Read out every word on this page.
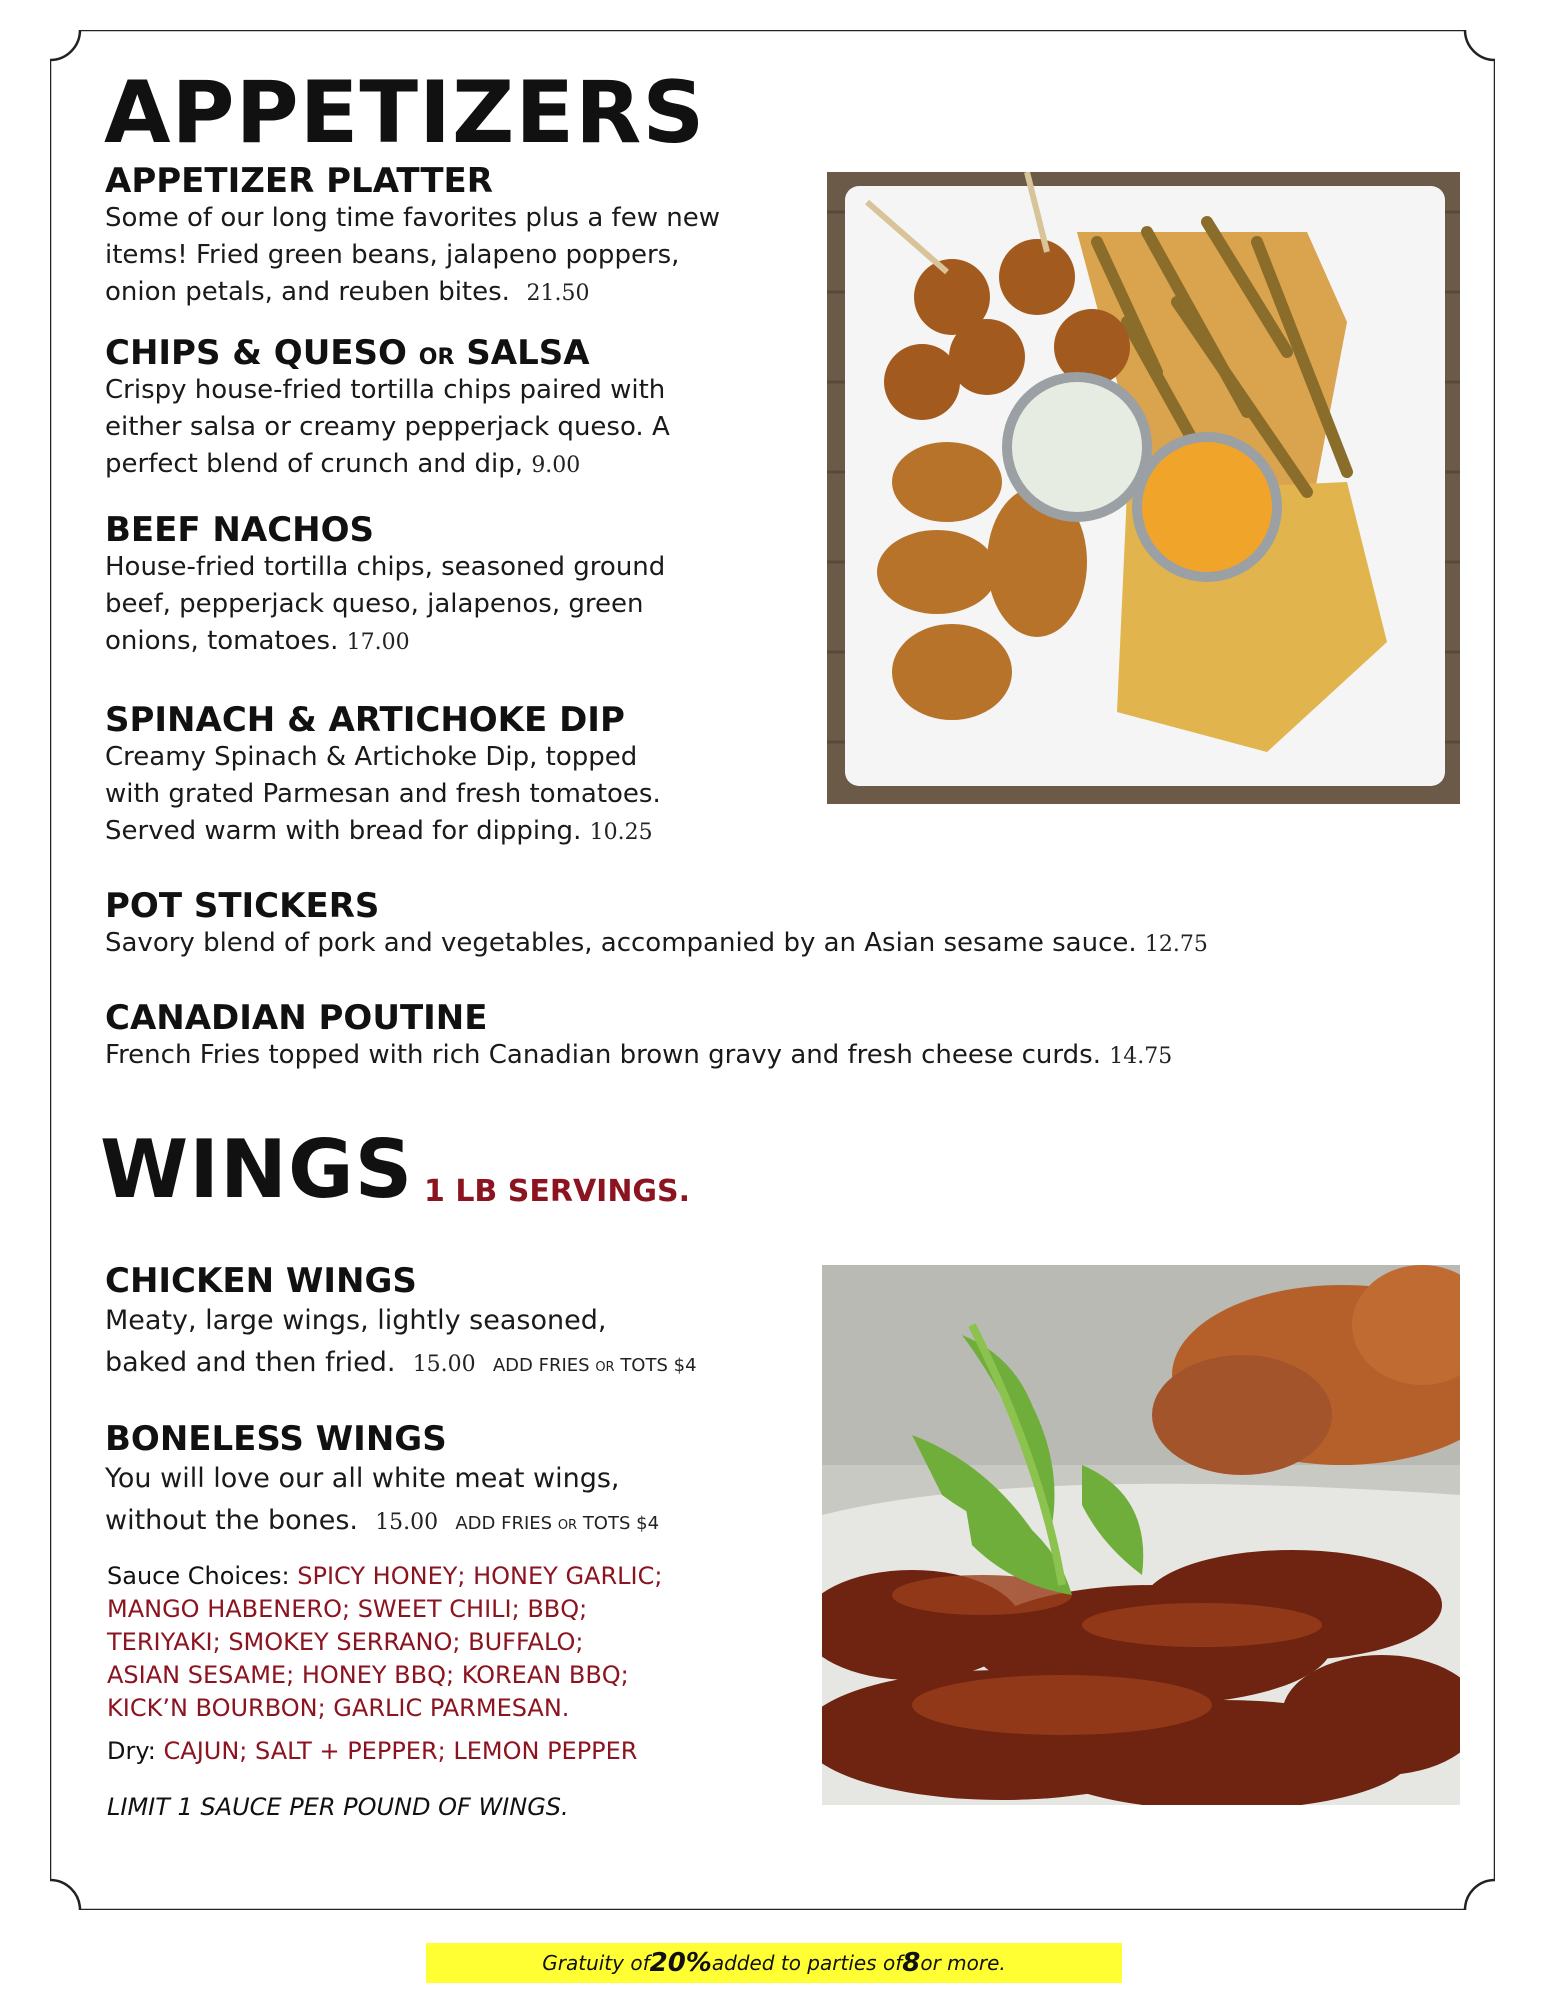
APPETIZERS
APPETIZER PLATTER
Some of our long time favorites plus a few new
items! Fried green beans, jalapeno poppers,
onion petals, and reuben bites. 21.50
CHIPS & QUESO OR SALSA
Crispy house-fried tortilla chips paired with
either salsa or creamy pepperjack queso. A
perfect blend of crunch and dip, 9.00
BEEF NACHOS
House-fried tortilla chips, seasoned ground
beef, pepperjack queso, jalapenos, green
onions, tomatoes. 17.00
SPINACH & ARTICHOKE DIP
Creamy Spinach & Artichoke Dip, topped
with grated Parmesan and fresh tomatoes.
Served warm with bread for dipping. 10.25
POT STICKERS
Savory blend of pork and vegetables, accompanied by an Asian sesame sauce. 12.75
CANADIAN POUTINE
French Fries topped with rich Canadian brown gravy and fresh cheese curds. 14.75
WINGS 1 LB SERVINGS.
CHICKEN WINGS
Meaty, large wings, lightly seasoned,
baked and then fried. 15.00 ADD FRIES OR TOTS $4
BONELESS WINGS
You will love our all white meat wings,
without the bones. 15.00 ADD FRIES OR TOTS $4
Sauce Choices: SPICY HONEY; HONEY GARLIC;
MANGO HABENERO; SWEET CHILI; BBQ;
TERIYAKI; SMOKEY SERRANO; BUFFALO;
ASIAN SESAME; HONEY BBQ; KOREAN BBQ;
KICK’N BOURBON; GARLIC PARMESAN.
Dry: CAJUN; SALT + PEPPER; LEMON PEPPER
LIMIT 1 SAUCE PER POUND OF WINGS.
Gratuity of 20% added to parties of 8 or more.
